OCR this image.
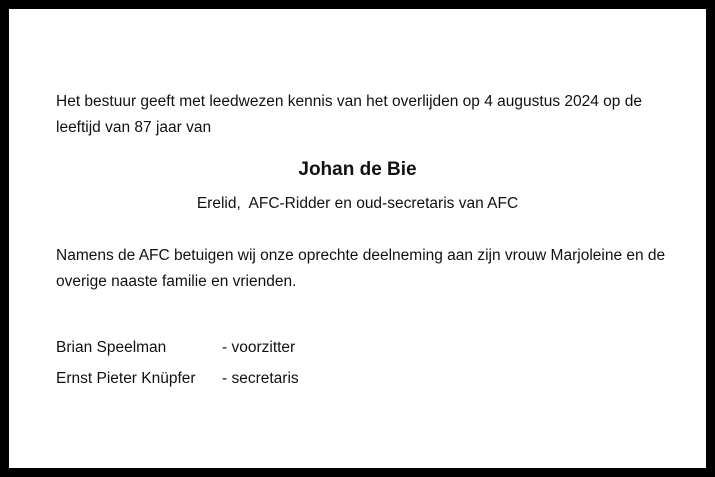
Het bestuur geeft met leedwezen kennis van het overlijden op 4 augustus 2024 op de leeftijd van 87 jaar van
Johan de Bie
Erelid,  AFC-Ridder en oud-secretaris van AFC
Namens de AFC betuigen wij onze oprechte deelneming aan zijn vrouw Marjoleine en de overige naaste familie en vrienden.
Brian Speelman	- voorzitter
Ernst Pieter Knüpfer - secretaris
